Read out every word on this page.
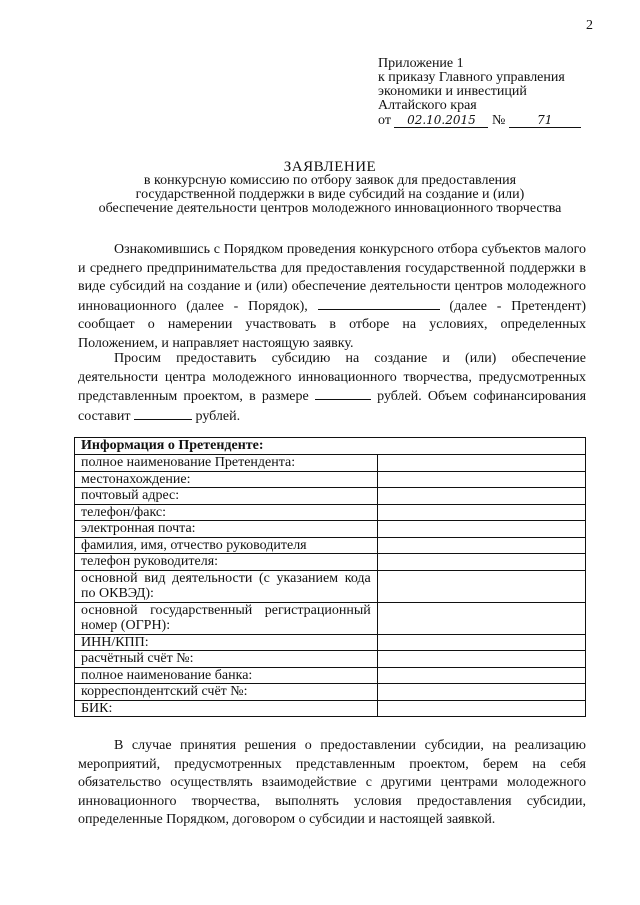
2
Приложение 1
к приказу Главного управления
экономики и инвестиций
Алтайского края
от 02.10.2015 №	71
ЗАЯВЛЕНИЕ
в конкурсную комиссию по отбору заявок для предоставления
государственной поддержки в виде субсидий на создание и (или)
обеспечение деятельности центров молодежного инновационного творчества
Ознакомившись с Порядком проведения конкурсного отбора субъектов малого и среднего предпринимательства для предоставления государственной поддержки в виде субсидий на создание и (или) обеспечение деятельности центров молодежного инновационного (далее - Порядок),	(далее - Претендент) сообщает о намерении участвовать в отборе на условиях, определенных Положением, и направляет настоящую заявку.
Просим предоставить субсидию на создание и (или) обеспечение деятельности центра молодежного инновационного творчества, предусмотренных представленным проектом, в размере	рублей. Объем софинансирования составит	рублей.
Информация о Претенденте:	
полное наименование Претендента:	
местонахождение:	
почтовый адрес:	
телефон/факс:	
электронная почта:	
фамилия, имя, отчество руководителя	
телефон руководителя:	
основной вид деятельности (с указанием кода по ОКВЭД):	
основной государственный регистрационный номер (ОГРН):	
ИНН/КПП:	
расчётный счёт №:	
полное наименование банка:	
корреспондентский счёт №:	
БИК:	
В случае принятия решения о предоставлении субсидии, на реализацию мероприятий, предусмотренных представленным проектом, берем на себя обязательство осуществлять взаимодействие с другими центрами молодежного инновационного творчества, выполнять условия предоставления субсидии, определенные Порядком, договором о субсидии и настоящей заявкой.
